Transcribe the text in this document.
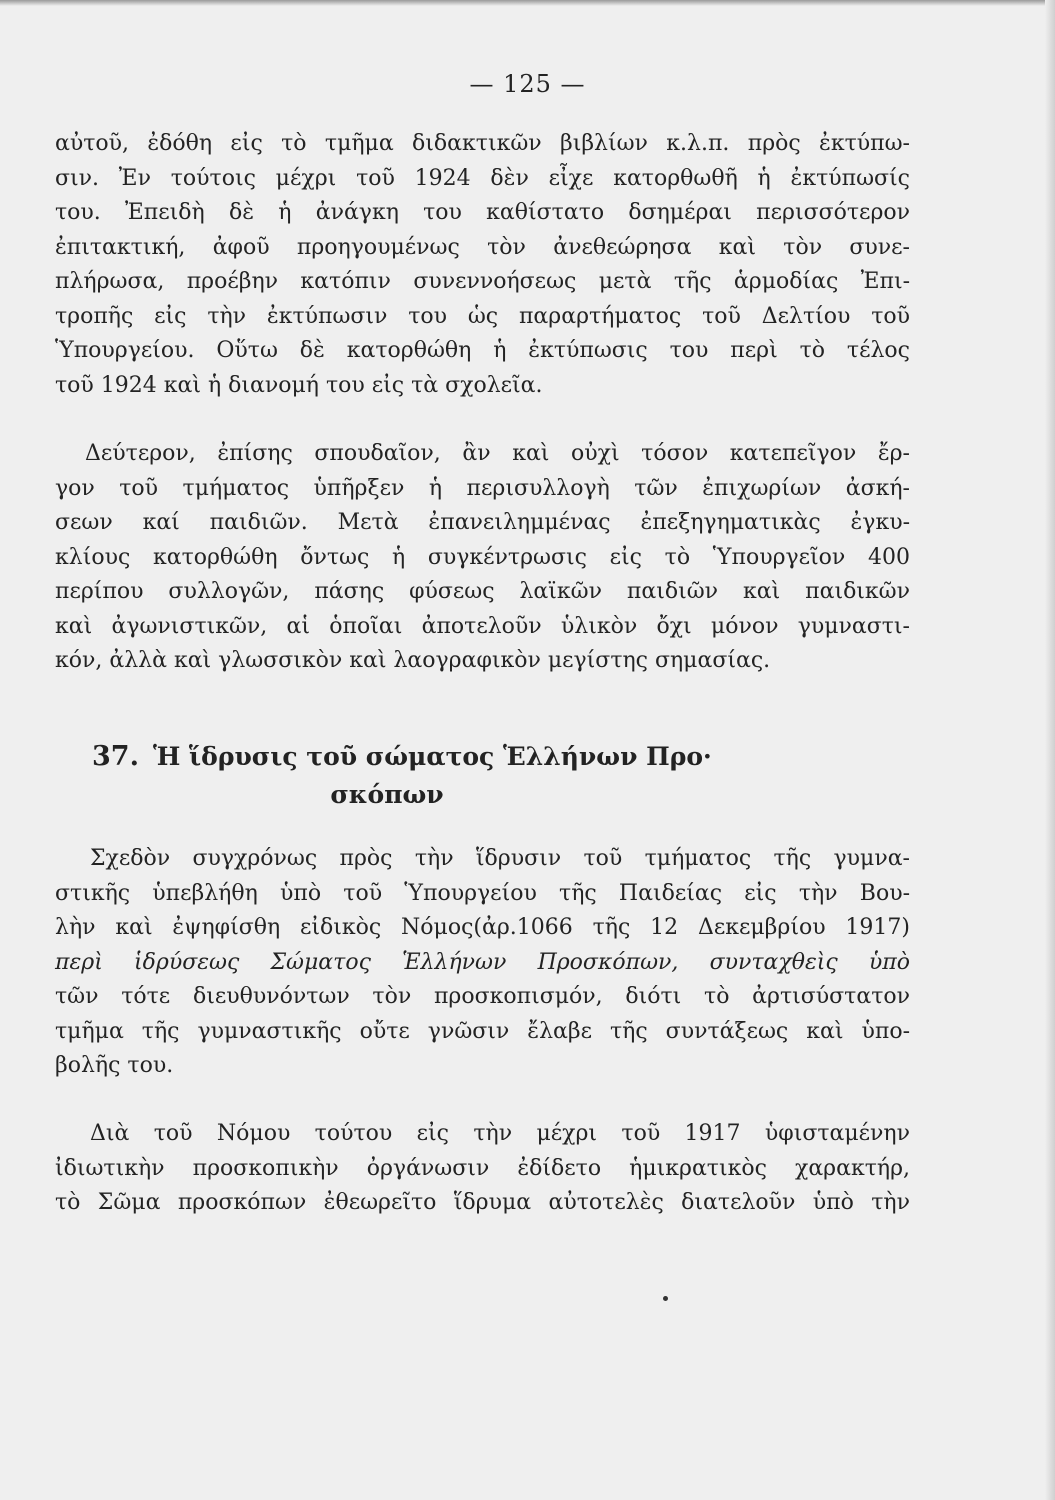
— 125 —
αὐτοῦ, ἐδόθη εἰς τὸ τμῆμα διδακτικῶν βιβλίων κ.λ.π. πρὸς ἐκτύπω-
σιν. Ἐν τούτοις μέχρι τοῦ 1924 δὲν εἶχε κατορθωθῆ ἡ ἐκτύπωσίς
του. Ἐπειδὴ δὲ ἡ ἀνάγκη του καθίστατο δσημέραι περισσότερον
ἐπιτακτική, ἀφοῦ προηγουμένως τὸν ἀνεθεώρησα καὶ τὸν συνε-
πλήρωσα, προέβην κατόπιν συνεννοήσεως μετὰ τῆς ἁρμοδίας Ἐπι-
τροπῆς εἰς τὴν ἐκτύπωσιν του ὡς παραρτήματος τοῦ Δελτίου τοῦ
Ὑπουργείου. Οὕτω δὲ κατορθώθη ἡ ἐκτύπωσις του περὶ τὸ τέλος
τοῦ 1924 καὶ ἡ διανομή του εἰς τὰ σχολεῖα.
Δεύτερον, ἐπίσης σπουδαῖον, ἂν καὶ οὐχὶ τόσον κατεπεῖγον ἔρ-
γον τοῦ τμήματος ὑπῆρξεν ἡ περισυλλογὴ τῶν ἐπιχωρίων ἀσκή-
σεων καί παιδιῶν. Μετὰ ἐπανειλημμένας ἐπεξηγηματικὰς ἐγκυ-
κλίους κατορθώθη ὄντως ἡ συγκέντρωσις εἰς τὸ Ὑπουργεῖον 400
περίπου συλλογῶν, πάσης φύσεως λαϊκῶν παιδιῶν καὶ παιδικῶν
καὶ ἀγωνιστικῶν, αἱ ὁποῖαι ἀποτελοῦν ὑλικὸν ὄχι μόνον γυμναστι-
κόν, ἀλλὰ καὶ γλωσσικὸν καὶ λαογραφικὸν μεγίστης σημασίας.
37. Ἡ ἵδρυσις τοῦ σώματος Ἑλλήνων Προ·
σκόπων
Σχεδὸν συγχρόνως πρὸς τὴν ἵδρυσιν τοῦ τμήματος τῆς γυμνα-
στικῆς ὑπεβλήθη ὑπὸ τοῦ Ὑπουργείου τῆς Παιδείας εἰς τὴν Βου-
λὴν καὶ ἐψηφίσθη εἰδικὸς Νόμος(ἀρ.1066 τῆς 12 Δεκεμβρίου 1917)
περὶ ἱδρύσεως Σώματος Ἑλλήνων Προσκόπων, συνταχθεὶς ὑπὸ
τῶν τότε διευθυνόντων τὸν προσκοπισμόν, διότι τὸ ἀρτισύστατον
τμῆμα τῆς γυμναστικῆς οὔτε γνῶσιν ἔλαβε τῆς συντάξεως καὶ ὑπο-
βολῆς του.
Διὰ τοῦ Νόμου τούτου εἰς τὴν μέχρι τοῦ 1917 ὑφισταμένην
ἰδιωτικὴν προσκοπικὴν ὀργάνωσιν ἐδίδετο ἡμικρατικὸς χαρακτήρ,
τὸ Σῶμα προσκόπων ἐθεωρεῖτο ἵδρυμα αὐτοτελὲς διατελοῦν ὑπὸ τὴν
